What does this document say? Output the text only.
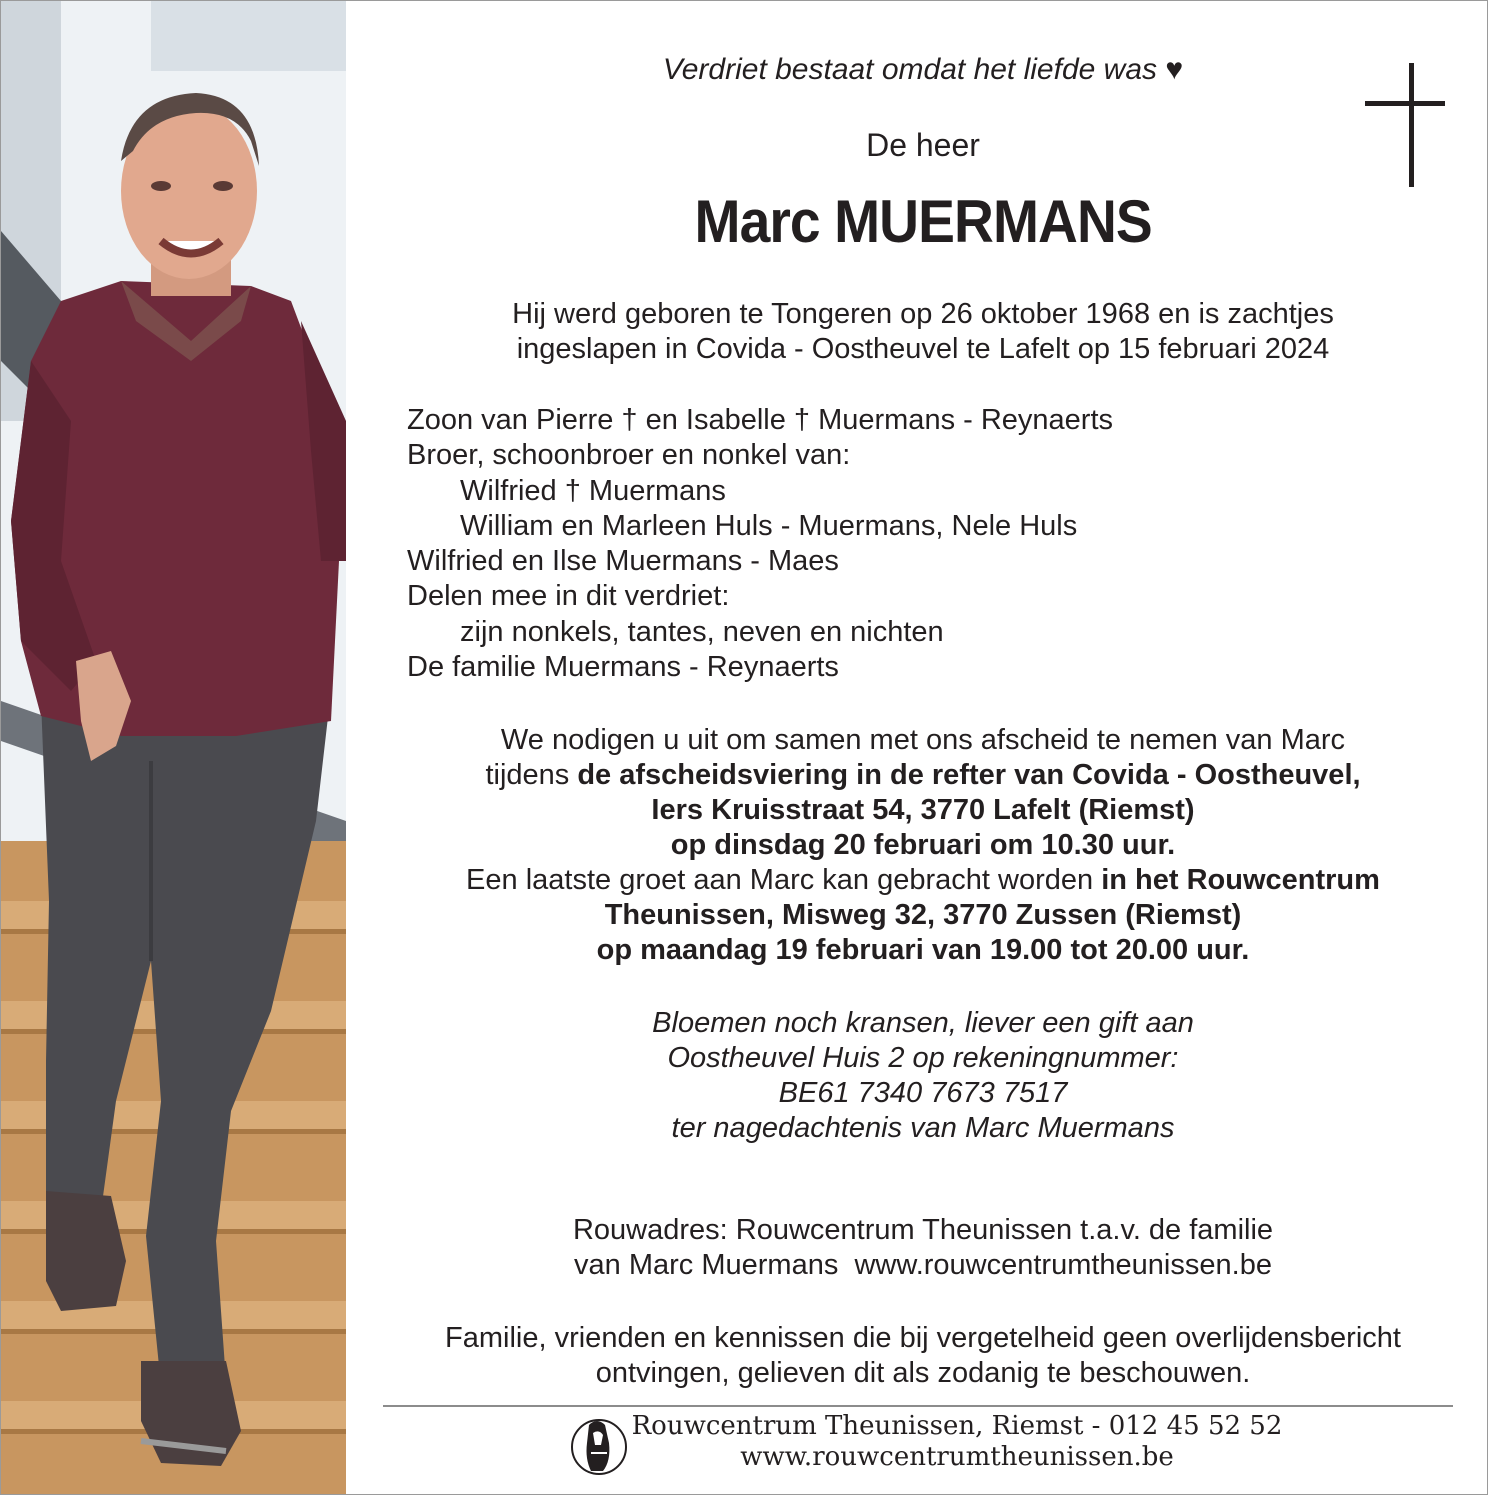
Verdriet bestaat omdat het liefde was ♥
De heer
Marc MUERMANS
Hij werd geboren te Tongeren op 26 oktober 1968 en is zachtjes
ingeslapen in Covida - Oostheuvel te Lafelt op 15 februari 2024
Zoon van Pierre † en Isabelle † Muermans - Reynaerts
Broer, schoonbroer en nonkel van:
Wilfried † Muermans
William en Marleen Huls - Muermans, Nele Huls
Wilfried en Ilse Muermans - Maes
Delen mee in dit verdriet:
zijn nonkels, tantes, neven en nichten
De familie Muermans - Reynaerts
We nodigen u uit om samen met ons afscheid te nemen van Marc
tijdens de afscheidsviering in de refter van Covida - Oostheuvel,
Iers Kruisstraat 54, 3770 Lafelt (Riemst)
op dinsdag 20 februari om 10.30 uur.
Een laatste groet aan Marc kan gebracht worden in het Rouwcentrum
Theunissen, Misweg 32, 3770 Zussen (Riemst)
op maandag 19 februari van 19.00 tot 20.00 uur.
Bloemen noch kransen, liever een gift aan
Oostheuvel Huis 2 op rekeningnummer:
BE61 7340 7673 7517
ter nagedachtenis van Marc Muermans
Rouwadres: Rouwcentrum Theunissen t.a.v. de familie
van Marc Muermans  www.rouwcentrumtheunissen.be
Familie, vrienden en kennissen die bij vergetelheid geen overlijdensbericht
ontvingen, gelieven dit als zodanig te beschouwen.
Rouwcentrum Theunissen, Riemst - 012 45 52 52
www.rouwcentrumtheunissen.be
